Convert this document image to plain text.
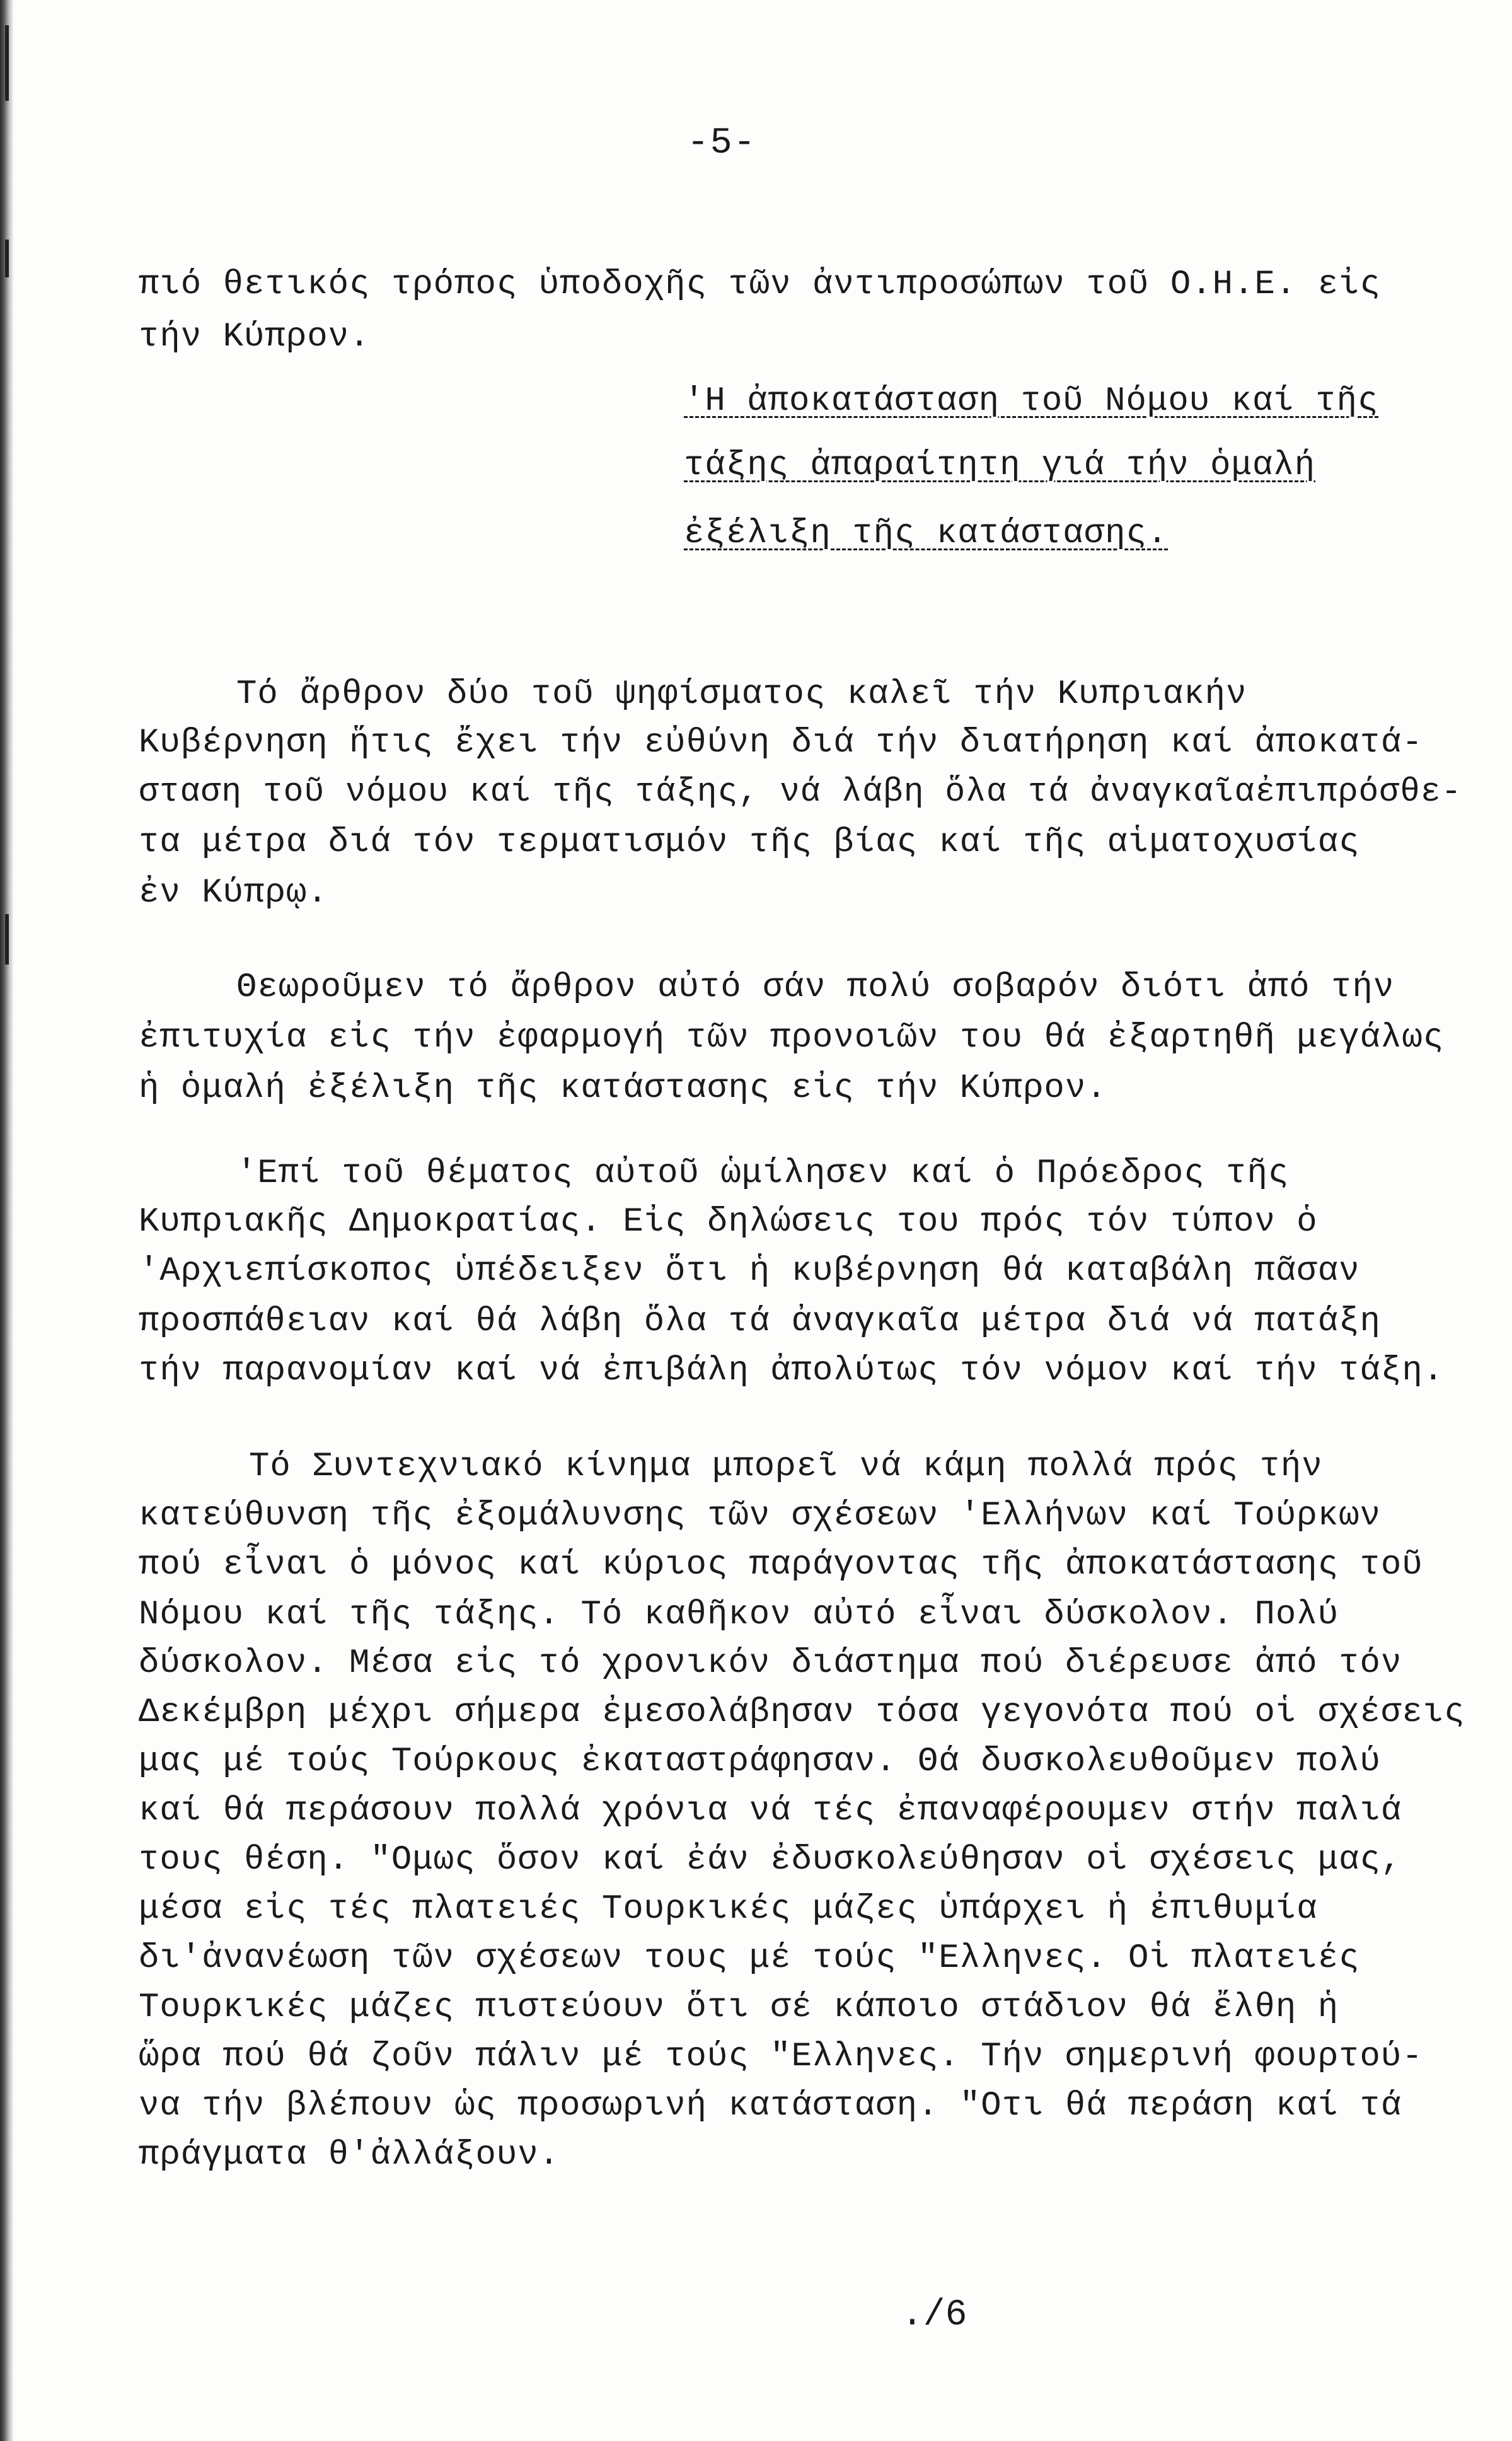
-5-
πιό θετικός τρόπος ὑποδοχῆς τῶν ἀντιπροσώπων τοῦ Ο.Η.Ε. εἰς
τήν Κύπρον.
'Η ἀποκατάσταση τοῦ Νόμου καί τῆς
τάξης ἀπαραίτητη γιά τήν ὁμαλή
ἐξέλιξη τῆς κατάστασης.
Τό ἄρθρον δύο τοῦ ψηφίσματος καλεῖ τήν Κυπριακήν
Κυβέρνηση ἥτις ἔχει τήν εὐθύνη διά τήν διατήρηση καί ἀποκατά-
σταση τοῦ νόμου καί τῆς τάξης, νά λάβη ὅλα τά ἀναγκαῖαἐπιπρόσθε-
τα μέτρα διά τόν τερματισμόν τῆς βίας καί τῆς αἱματοχυσίας
ἐν Κύπρῳ.
Θεωροῦμεν τό ἄρθρον αὐτό σάν πολύ σοβαρόν διότι ἀπό τήν
ἐπιτυχία εἰς τήν ἐφαρμογή τῶν προνοιῶν του θά ἐξαρτηθῆ μεγάλως
ἡ ὁμαλή ἐξέλιξη τῆς κατάστασης εἰς τήν Κύπρον.
'Επί τοῦ θέματος αὐτοῦ ὡμίλησεν καί ὁ Πρόεδρος τῆς
Κυπριακῆς Δημοκρατίας. Εἰς δηλώσεις του πρός τόν τύπον ὁ
'Αρχιεπίσκοπος ὑπέδειξεν ὅτι ἡ κυβέρνηση θά καταβάλη πᾶσαν
προσπάθειαν καί θά λάβη ὅλα τά ἀναγκαῖα μέτρα διά νά πατάξη
τήν παρανομίαν καί νά ἐπιβάλη ἀπολύτως τόν νόμον καί τήν τάξη.
Τό Συντεχνιακό κίνημα μπορεῖ νά κάμη πολλά πρός τήν
κατεύθυνση τῆς ἐξομάλυνσης τῶν σχέσεων 'Ελλήνων καί Τούρκων
πού εἶναι ὁ μόνος καί κύριος παράγοντας τῆς ἀποκατάστασης τοῦ
Νόμου καί τῆς τάξης. Τό καθῆκον αὐτό εἶναι δύσκολον. Πολύ
δύσκολον. Μέσα εἰς τό χρονικόν διάστημα πού διέρευσε ἀπό τόν
Δεκέμβρη μέχρι σήμερα ἐμεσολάβησαν τόσα γεγονότα πού οἱ σχέσεις
μας μέ τούς Τούρκους ἐκαταστράφησαν. Θά δυσκολευθοῦμεν πολύ
καί θά περάσουν πολλά χρόνια νά τές ἐπαναφέρουμεν στήν παλιά
τους θέση. "Ομως ὅσον καί ἐάν ἐδυσκολεύθησαν οἱ σχέσεις μας,
μέσα εἰς τές πλατειές Τουρκικές μάζες ὑπάρχει ἡ ἐπιθυμία
δι'ἀνανέωση τῶν σχέσεων τους μέ τούς "Ελληνες. Οἱ πλατειές
Τουρκικές μάζες πιστεύουν ὅτι σέ κάποιο στάδιον θά ἔλθη ἡ
ὥρα πού θά ζοῦν πάλιν μέ τούς "Ελληνες. Τήν σημερινή φουρτού-
να τήν βλέπουν ὡς προσωρινή κατάσταση. "Οτι θά περάση καί τά
πράγματα θ'ἀλλάξουν.
./6
